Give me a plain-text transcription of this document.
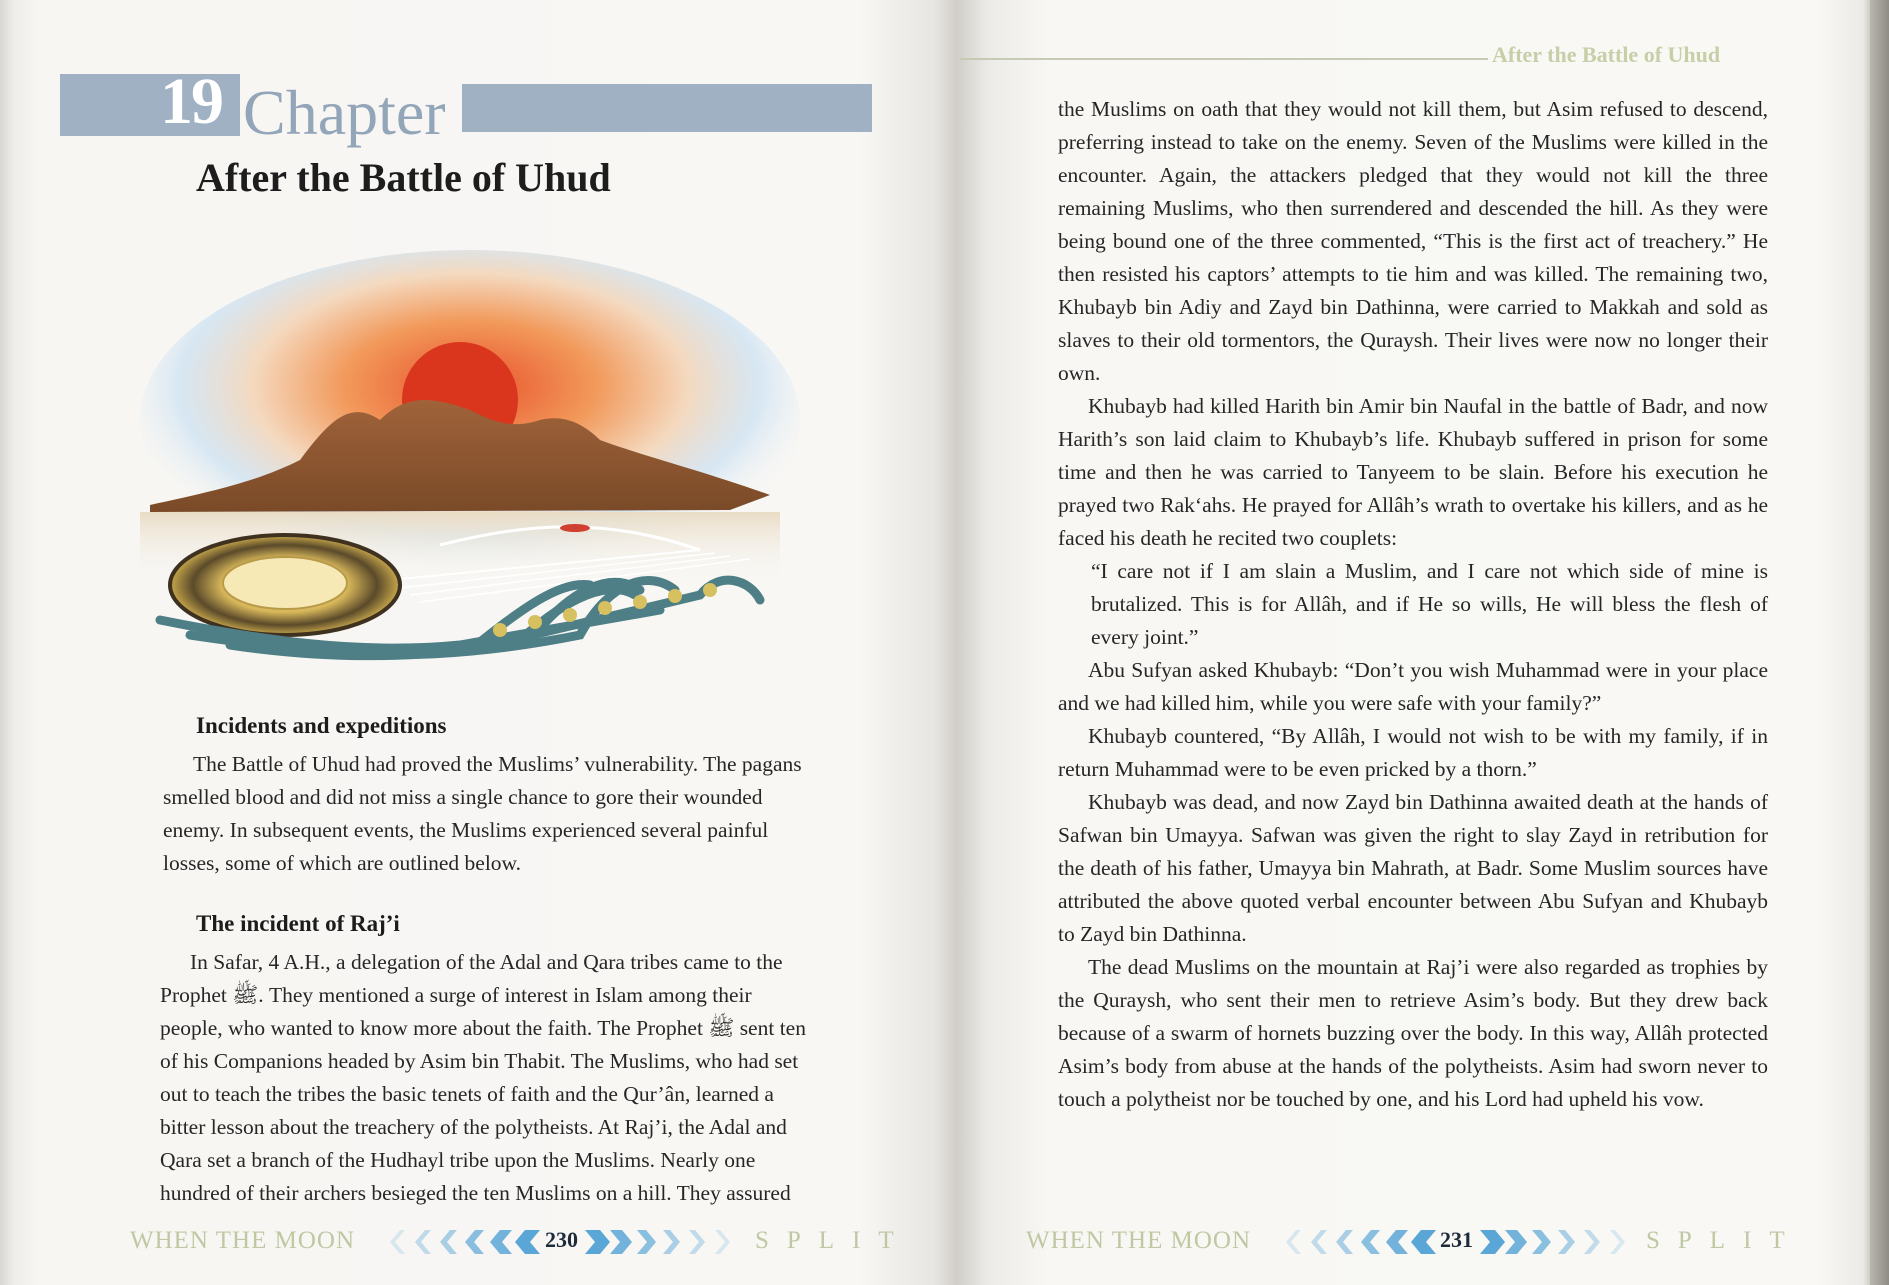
19 Chapter
After the Battle of Uhud
Incidents and expeditions

The Battle of Uhud had proved the Muslims’ vulnerability. The pagans

smelled blood and did not miss a single chance to gore their wounded

enemy. In subsequent events, the Muslims experienced several painful

losses, some of which are outlined below.

The incident of Raj’i

In Safar, 4 A.H., a delegation of the Adal and Qara tribes came to the

Prophet ﷺ. They mentioned a surge of interest in Islam among their

people, who wanted to know more about the faith. The Prophet ﷺ sent ten

of his Companions headed by Asim bin Thabit. The Muslims, who had set

out to teach the tribes the basic tenets of faith and the Qur’ân, learned a

bitter lesson about the treachery of the polytheists. At Raj’i, the Adal and

Qara set a branch of the Hudhayl tribe upon the Muslims. Nearly one

hundred of their archers besieged the ten Muslims on a hill. They assured

WHEN THE MOON	230	SPLIT
After the Battle of Uhud

the Muslims on oath that they would not kill them, but Asim refused to descend, preferring instead to take on the enemy. Seven of the Muslims were killed in the encounter. Again, the attackers pledged that they would not kill the three remaining Muslims, who then surrendered and descended the hill. As they were being bound one of the three commented, “This is the first act of treachery.” He then resisted his captors’ attempts to tie him and was killed. The remaining two, Khubayb bin Adiy and Zayd bin Dathinna, were carried to Makkah and sold as slaves to their old tormentors, the Quraysh. Their lives were now no longer their own.

Khubayb had killed Harith bin Amir bin Naufal in the battle of Badr, and now Harith’s son laid claim to Khubayb’s life. Khubayb suffered in prison for some time and then he was carried to Tanyeem to be slain. Before his execution he prayed two Rak‘ahs. He prayed for Allâh’s wrath to overtake his killers, and as he faced his death he recited two couplets:

“I care not if I am slain a Muslim, and I care not which side of mine is brutalized. This is for Allâh, and if He so wills, He will bless the flesh of every joint.”

Abu Sufyan asked Khubayb: “Don’t you wish Muhammad were in your place and we had killed him, while you were safe with your family?”

Khubayb countered, “By Allâh, I would not wish to be with my family, if in return Muhammad were to be even pricked by a thorn.”

Khubayb was dead, and now Zayd bin Dathinna awaited death at the hands of Safwan bin Umayya. Safwan was given the right to slay Zayd in retribution for the death of his father, Umayya bin Mahrath, at Badr. Some Muslim sources have attributed the above quoted verbal encounter between Abu Sufyan and Khubayb to Zayd bin Dathinna.

The dead Muslims on the mountain at Raj’i were also regarded as trophies by the Quraysh, who sent their men to retrieve Asim’s body. But they drew back because of a swarm of hornets buzzing over the body. In this way, Allâh protected Asim’s body from abuse at the hands of the polytheists. Asim had sworn never to touch a polytheist nor be touched by one, and his Lord had upheld his vow.

WHEN THE MOON	231	SPLIT
